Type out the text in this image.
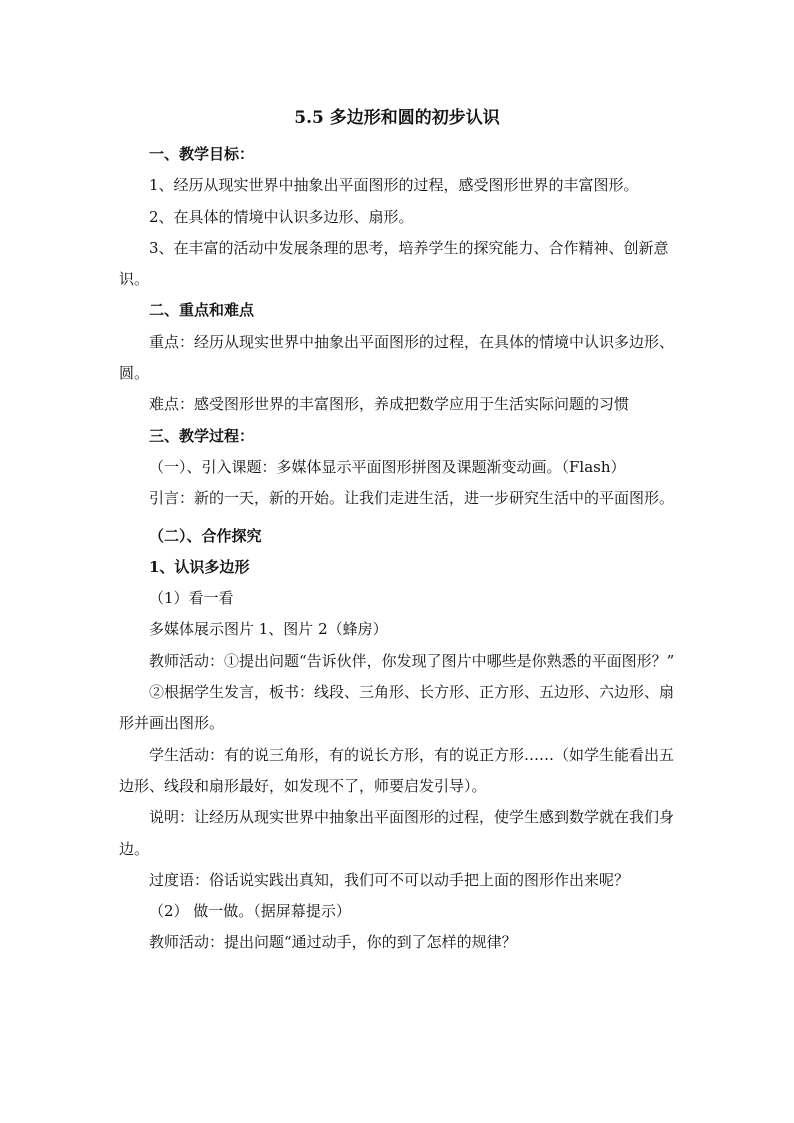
5.5 多边形和圆的初步认识

一、教学目标：

1、经历从现实世界中抽象出平面图形的过程，感受图形世界的丰富图形。

2、在具体的情境中认识多边形、扇形。

3、在丰富的活动中发展条理的思考，培养学生的探究能力、合作精神、创新意识。

二、重点和难点

重点：经历从现实世界中抽象出平面图形的过程，在具体的情境中认识多边形、圆。

难点：感受图形世界的丰富图形，养成把数学应用于生活实际问题的习惯

三、教学过程：

（一）、引入课题：多媒体显示平面图形拼图及课题渐变动画。（Flash）

引言：新的一天，新的开始。让我们走进生活，进一步研究生活中的平面图形。

（二）、合作探究

1、认识多边形

（1）看一看

多媒体展示图片 1、图片 2（蜂房）

教师活动：①提出问题“告诉伙伴，你发现了图片中哪些是你熟悉的平面图形？”

②根据学生发言，板书：线段、三角形、长方形、正方形、五边形、六边形、扇形并画出图形。

学生活动：有的说三角形，有的说长方形，有的说正方形……（如学生能看出五边形、线段和扇形最好，如发现不了，师要启发引导）。

说明：让经历从现实世界中抽象出平面图形的过程，使学生感到数学就在我们身边。

过度语：俗话说实践出真知，我们可不可以动手把上面的图形作出来呢？

（2） 做一做。（据屏幕提示）

教师活动：提出问题“通过动手，你的到了怎样的规律？
